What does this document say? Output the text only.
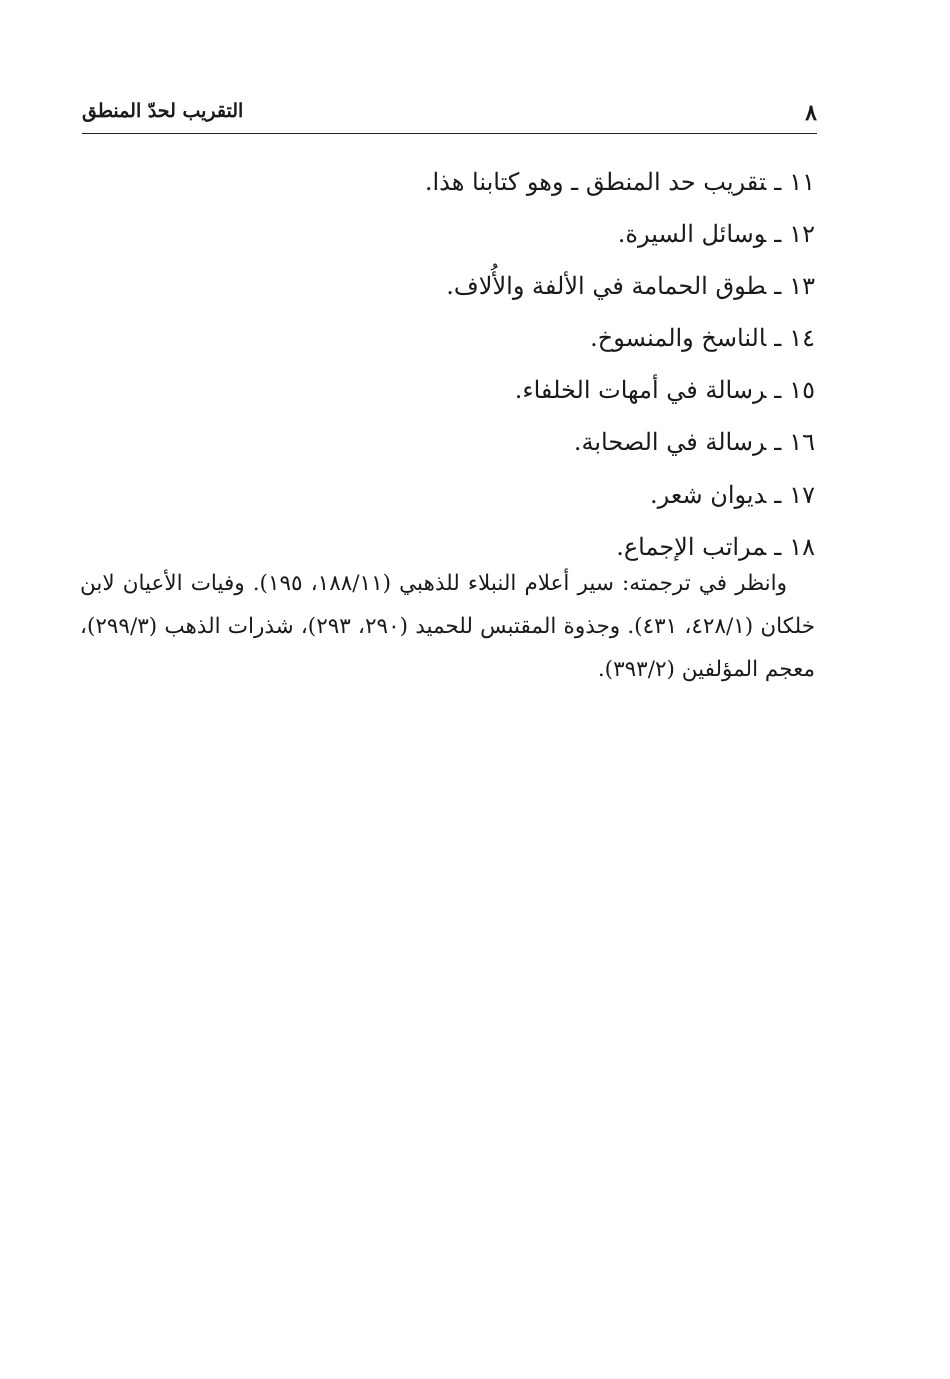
٨
التقريب لحدّ المنطق
١١ـتقريب حد المنطق ـ وهو كتابنا هذا.
١٢ـوسائل السيرة.
١٣ـطوق الحمامة في الألفة والأُلاف.
١٤ـالناسخ والمنسوخ.
١٥ـرسالة في أمهات الخلفاء.
١٦ـرسالة في الصحابة.
١٧ـديوان شعر.
١٨ـمراتب الإجماع.

وانظر في ترجمته: سير أعلام النبلاء للذهبي (١٨٨/١١، ١٩٥). وفيات الأعيان لابن خلكان (٤٢٨/١، ٤٣١). وجذوة المقتبس للحميد (٢٩٠، ٢٩٣)، شذرات الذهب (٢٩٩/٣)، معجم المؤلفين (٣٩٣/٢).
